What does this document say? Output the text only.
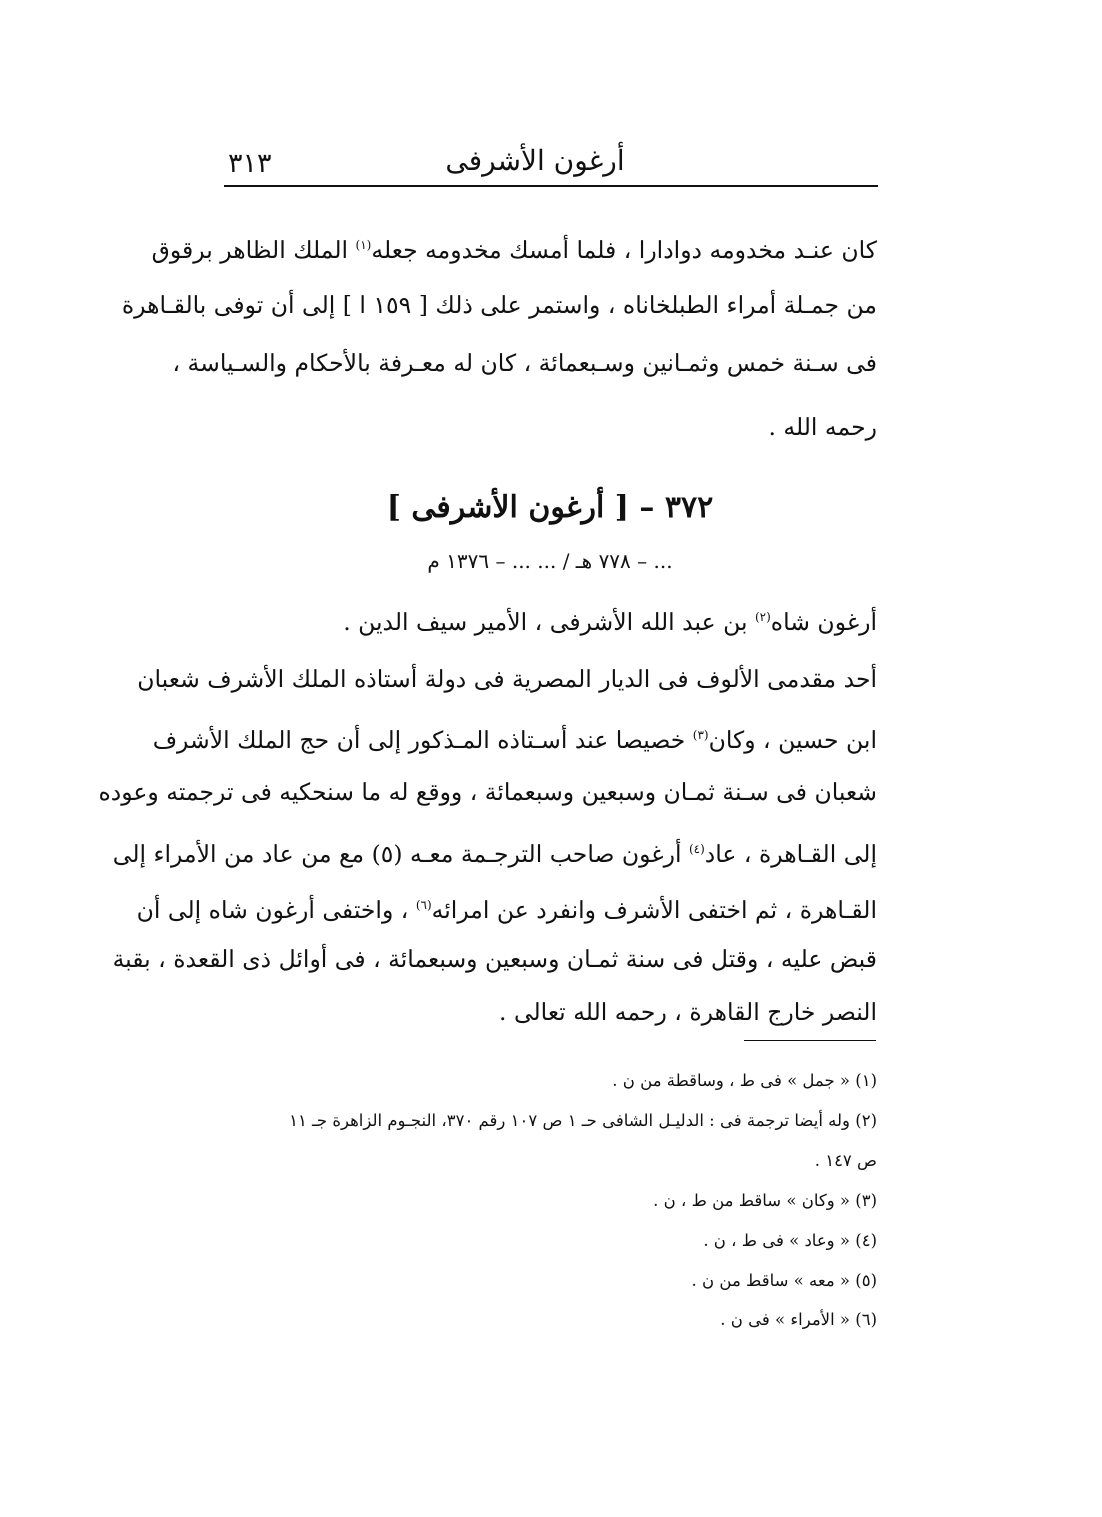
٣١٣	أرغون الأشرفى
كان عنـد مخدومه دوادارا ، فلما أمسك مخدومه جعله$^{(١)}$ الملك الظاهر برقوق
من جمـلة أمراء الطبلخاناه ، واستمر على ذلك [ ١٥٩ ا ] إلى أن توفى بالقـاهرة
فى سـنة خمس وثمـانين وسـبعمائة ، كان له معـرفة بالأحكام والسـياسة ،
رحمه الله .
٣٧٢ – [ أرغون الأشرفى ]
... – ٧٧٨ هـ / ... ... – ١٣٧٦ م
أرغون شاه$^{(٢)}$ بن عبد الله الأشرفى ، الأمير سيف الدين .
أحد مقدمى الألوف فى الديار المصرية فى دولة أستاذه الملك الأشرف شعبان
ابن حسين ، وكان$^{(٣)}$ خصيصا عند أسـتاذه المـذكور إلى أن حج الملك الأشرف
شعبان فى سـنة ثمـان وسبعين وسبعمائة ، ووقع له ما سنحكيه فى ترجمته وعوده
إلى القـاهرة ، عاد$^{(٤)}$ أرغون صاحب الترجـمة معـه (٥) مع من عاد من الأمراء إلى
القـاهرة ، ثم اختفى الأشرف وانفرد عن امرائه$^{(٦)}$ ، واختفى أرغون شاه إلى أن
قبض عليه ، وقتل فى سنة ثمـان وسبعين وسبعمائة ، فى أوائل ذى القعدة ، بقبة
النصر خارج القاهرة ، رحمه الله تعالى .
(١) « جمل » فى ط ، وساقطة من ن .
(٢) وله أيضا ترجمة فى : الدليـل الشافى حـ ١ ص ١٠٧ رقم ٣٧٠، النجـوم الزاهرة جـ ١١
ص ١٤٧ .
(٣) « وكان » ساقط من ط ، ن .
(٤) « وعاد » فى ط ، ن .
(٥) « معه » ساقط من ن .
(٦) « الأمراء » فى ن .
